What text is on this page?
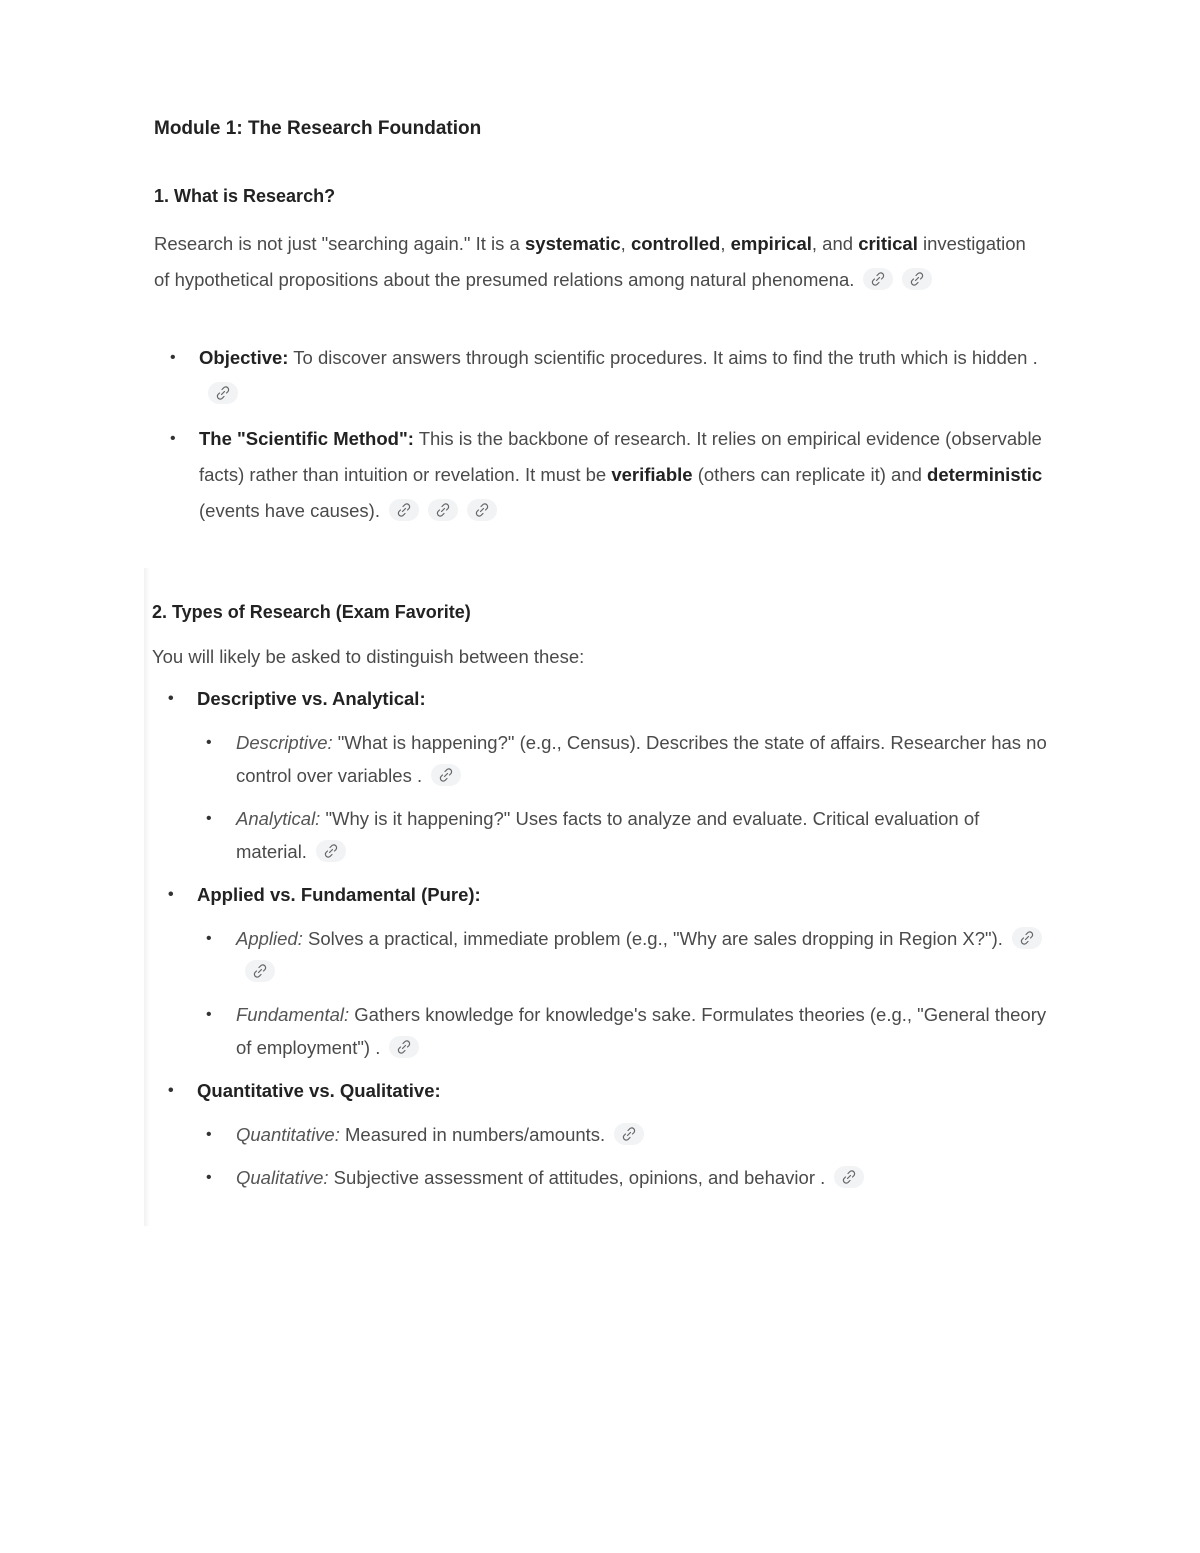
Module 1: The Research Foundation
1. What is Research?

Research is not just "searching again." It is a systematic, controlled, empirical, and critical investigation of hypothetical propositions about the presumed relations among natural phenomena.

• Objective: To discover answers through scientific procedures. It aims to find the truth which is hidden .
• The "Scientific Method": This is the backbone of research. It relies on empirical evidence (observable facts) rather than intuition or revelation. It must be verifiable (others can replicate it) and deterministic (events have causes).
2. Types of Research (Exam Favorite)

You will likely be asked to distinguish between these:

• Descriptive vs. Analytical:
• Descriptive: "What is happening?" (e.g., Census). Describes the state of affairs. Researcher has no control over variables .
• Analytical: "Why is it happening?" Uses facts to analyze and evaluate. Critical evaluation of material.
• Applied vs. Fundamental (Pure):
• Applied: Solves a practical, immediate problem (e.g., "Why are sales dropping in Region X?").
• Fundamental: Gathers knowledge for knowledge's sake. Formulates theories (e.g., "General theory of employment") .
• Quantitative vs. Qualitative:
• Quantitative: Measured in numbers/amounts.
• Qualitative: Subjective assessment of attitudes, opinions, and behavior .
